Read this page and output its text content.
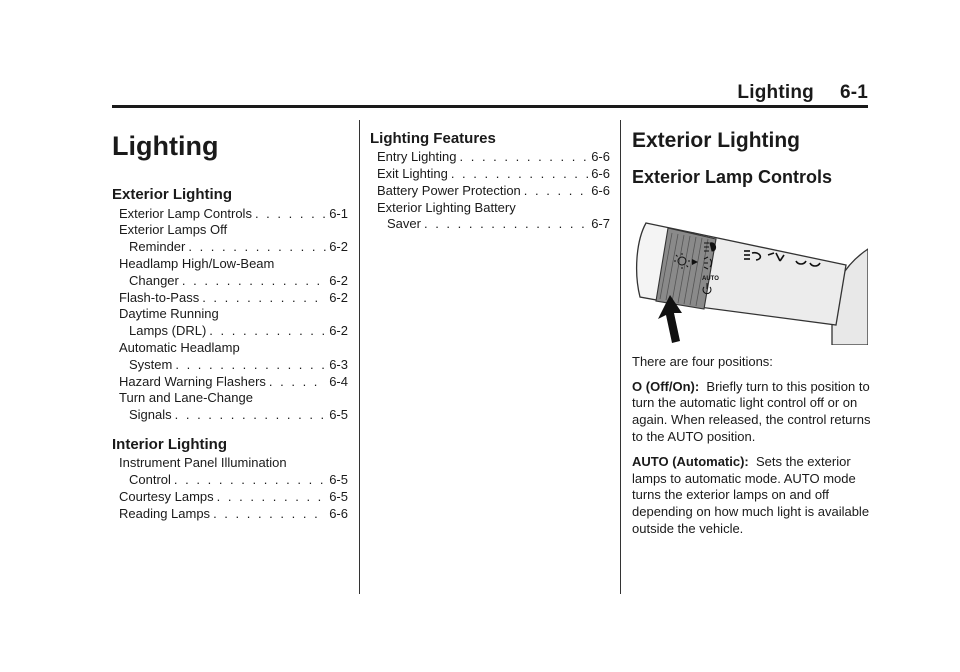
Lighting 6-1
Lighting
Exterior Lighting
Exterior Lamp Controls . . .	6-1
Exterior Lamps Off
Reminder . . .	6-2
Headlamp High/Low-Beam
Changer . . .	6-2
Flash-to-Pass . . .	6-2
Daytime Running
Lamps (DRL) . . .	6-2
Automatic Headlamp
System . . .	6-3
Hazard Warning Flashers . . .	6-4
Turn and Lane-Change
Signals . . .	6-5
Interior Lighting
Instrument Panel Illumination
Control . . .	6-5
Courtesy Lamps . . .	6-5
Reading Lamps . . .	6-6
Lighting Features
Entry Lighting . . .	6-6
Exit Lighting . . .	6-6
Battery Power Protection . . .	6-6
Exterior Lighting Battery
Saver . . .	6-7
Exterior Lighting
Exterior Lamp Controls
AUTO

There are four positions:

O (Off/On): Briefly turn to this position to turn the automatic light control off or on again. When released, the control returns to the AUTO position.

AUTO (Automatic): Sets the exterior lamps to automatic mode. AUTO mode turns the exterior lamps on and off depending on how much light is available outside the vehicle.
